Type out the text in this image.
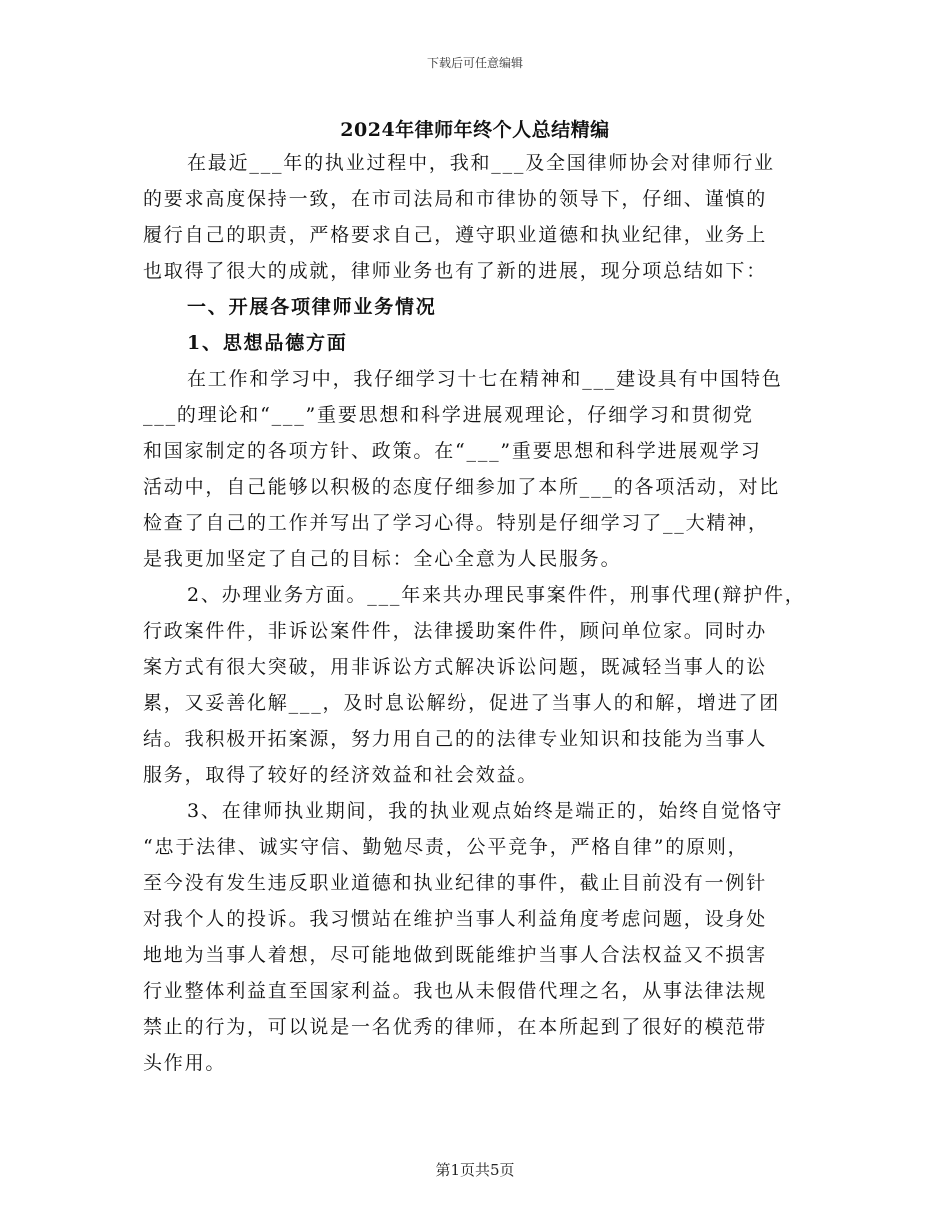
下载后可任意编辑
2024年律师年终个人总结精编
在最近___年的执业过程中，我和___及全国律师协会对律师行业
的要求高度保持一致，在市司法局和市律协的领导下，仔细、谨慎的
履行自己的职责，严格要求自己，遵守职业道德和执业纪律，业务上
也取得了很大的成就，律师业务也有了新的进展，现分项总结如下：
一、开展各项律师业务情况
1、思想品德方面
在工作和学习中，我仔细学习十七在精神和___建设具有中国特色
___的理论和“___”重要思想和科学进展观理论，仔细学习和贯彻党
和国家制定的各项方针、政策。在“___”重要思想和科学进展观学习
活动中，自己能够以积极的态度仔细参加了本所___的各项活动，对比
检查了自己的工作并写出了学习心得。特别是仔细学习了__大精神，
是我更加坚定了自己的目标：全心全意为人民服务。
2、办理业务方面。___年来共办理民事案件件，刑事代理(辩护件，
行政案件件，非诉讼案件件，法律援助案件件，顾问单位家。同时办
案方式有很大突破，用非诉讼方式解决诉讼问题，既减轻当事人的讼
累，又妥善化解___，及时息讼解纷，促进了当事人的和解，增进了团
结。我积极开拓案源，努力用自己的的法律专业知识和技能为当事人
服务，取得了较好的经济效益和社会效益。
3、在律师执业期间，我的执业观点始终是端正的，始终自觉恪守
“忠于法律、诚实守信、勤勉尽责，公平竞争，严格自律”的原则，
至今没有发生违反职业道德和执业纪律的事件，截止目前没有一例针
对我个人的投诉。我习惯站在维护当事人利益角度考虑问题，设身处
地地为当事人着想，尽可能地做到既能维护当事人合法权益又不损害
行业整体利益直至国家利益。我也从未假借代理之名，从事法律法规
禁止的行为，可以说是一名优秀的律师，在本所起到了很好的模范带
头作用。
第1页共5页
